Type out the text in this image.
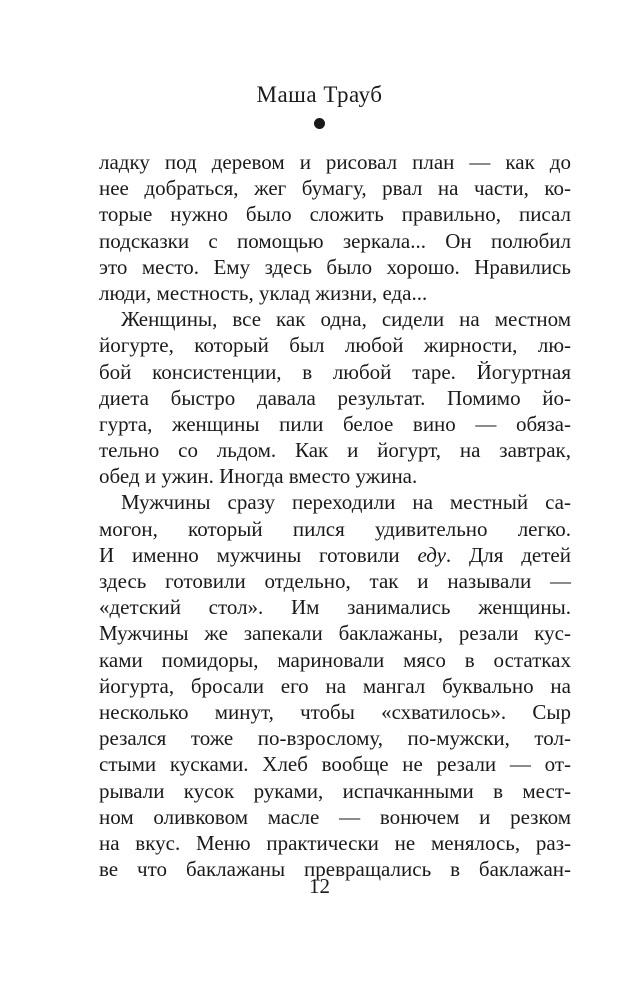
Маша Трауб
ладку под деревом и рисовал план — как до
нее добраться, жег бумагу, рвал на части, ко-
торые нужно было сложить правильно, писал
подсказки с помощью зеркала... Он полюбил
это место. Ему здесь было хорошо. Нравились
люди, местность, уклад жизни, еда...
Женщины, все как одна, сидели на местном
йогурте, который был любой жирности, лю-
бой консистенции, в любой таре. Йогуртная
диета быстро давала результат. Помимо йо-
гурта, женщины пили белое вино — обяза-
тельно со льдом. Как и йогурт, на завтрак,
обед и ужин. Иногда вместо ужина.
Мужчины сразу переходили на местный са-
могон, который пился удивительно легко.
И именно мужчины готовили еду. Для детей
здесь готовили отдельно, так и называли —
«детский стол». Им занимались женщины.
Мужчины же запекали баклажаны, резали кус-
ками помидоры, мариновали мясо в остатках
йогурта, бросали его на мангал буквально на
несколько минут, чтобы «схватилось». Сыр
резался тоже по-взрослому, по-мужски, тол-
стыми кусками. Хлеб вообще не резали — от-
рывали кусок руками, испачканными в мест-
ном оливковом масле — вонючем и резком
на вкус. Меню практически не менялось, раз-
ве что баклажаны превращались в баклажан-
12
